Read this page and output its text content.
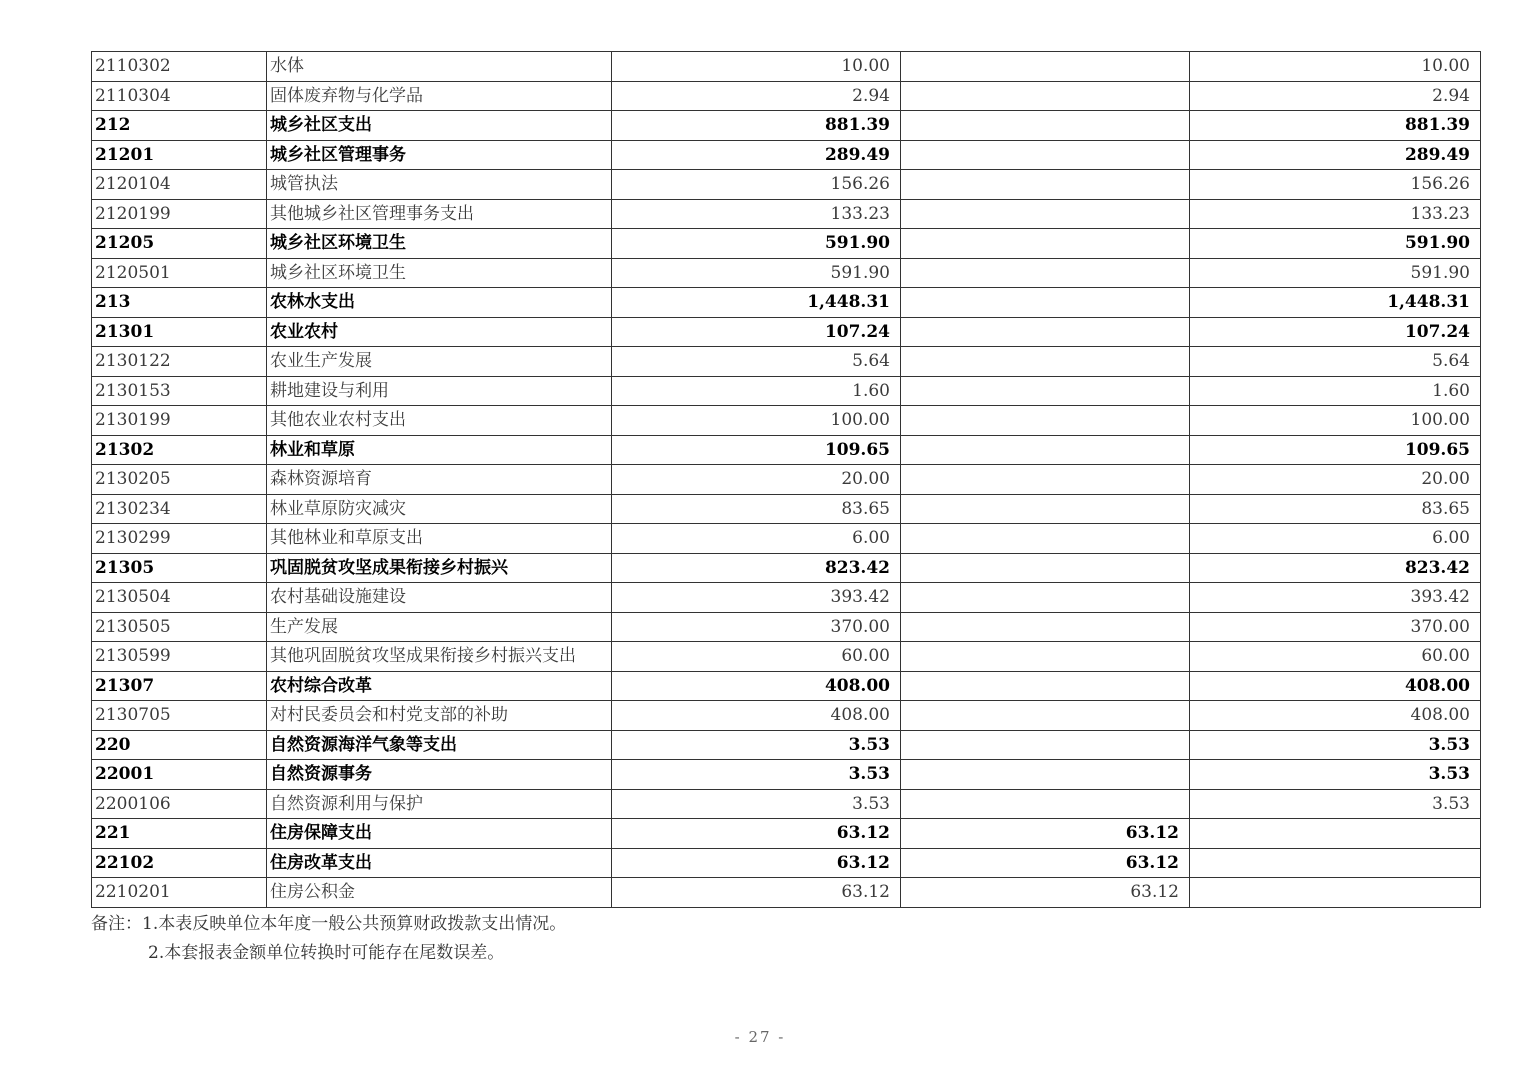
2110302	水体	10.00		10.00
2110304	固体废弃物与化学品	2.94		2.94
212	城乡社区支出	881.39		881.39
21201	城乡社区管理事务	289.49		289.49
2120104	城管执法	156.26		156.26
2120199	其他城乡社区管理事务支出	133.23		133.23
21205	城乡社区环境卫生	591.90		591.90
2120501	城乡社区环境卫生	591.90		591.90
213	农林水支出	1,448.31		1,448.31
21301	农业农村	107.24		107.24
2130122	农业生产发展	5.64		5.64
2130153	耕地建设与利用	1.60		1.60
2130199	其他农业农村支出	100.00		100.00
21302	林业和草原	109.65		109.65
2130205	森林资源培育	20.00		20.00
2130234	林业草原防灾减灾	83.65		83.65
2130299	其他林业和草原支出	6.00		6.00
21305	巩固脱贫攻坚成果衔接乡村振兴	823.42		823.42
2130504	农村基础设施建设	393.42		393.42
2130505	生产发展	370.00		370.00
2130599	其他巩固脱贫攻坚成果衔接乡村振兴支出	60.00		60.00
21307	农村综合改革	408.00		408.00
2130705	对村民委员会和村党支部的补助	408.00		408.00
220	自然资源海洋气象等支出	3.53		3.53
22001	自然资源事务	3.53		3.53
2200106	自然资源利用与保护	3.53		3.53
221	住房保障支出	63.12	63.12	
22102	住房改革支出	63.12	63.12	
2210201	住房公积金	63.12	63.12	
备注：1.本表反映单位本年度一般公共预算财政拨款支出情况。
2.本套报表金额单位转换时可能存在尾数误差。
- 27 -
